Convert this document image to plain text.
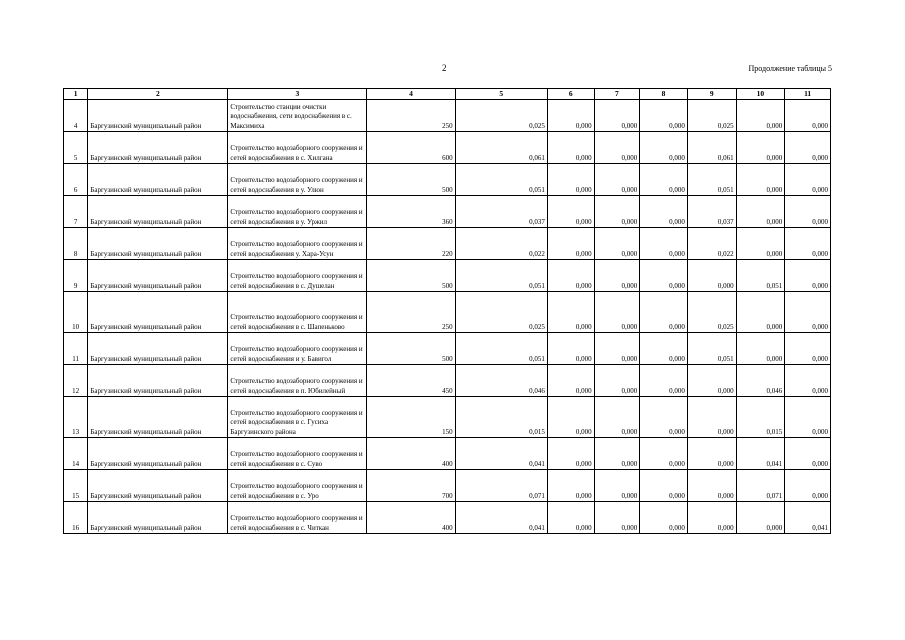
2	Продолжение таблицы 5
1	2	3	4	5	6	7	8	9	10	11
4	Баргузинский муниципальный район	Строительство станции очистки водоснабжения, сети водоснабжения в с. Максимиха	250	0,025	0,000	0,000	0,000	0,025	0,000	0,000
5	Баргузинский муниципальный район	Строительство водозаборного сооружения и сетей водоснабжения в с. Хилгана	600	0,061	0,000	0,000	0,000	0,061	0,000	0,000
6	Баргузинский муниципальный район	Строительство водозаборного сооружения и сетей водоснабжения в у. Улюн	500	0,051	0,000	0,000	0,000	0,051	0,000	0,000
7	Баргузинский муниципальный район	Строительство водозаборного сооружения и сетей водоснабжения в у. Уржил	360	0,037	0,000	0,000	0,000	0,037	0,000	0,000
8	Баргузинский муниципальный район	Строительство водозаборного сооружения и сетей водоснабжения у. Хара-Усун	220	0,022	0,000	0,000	0,000	0,022	0,000	0,000
9	Баргузинский муниципальный район	Строительство водозаборного сооружения и сетей водоснабжения в с. Душелан	500	0,051	0,000	0,000	0,000	0,000	0,051	0,000
10	Баргузинский муниципальный район	Строительство водозаборного сооружения и сетей водоснабжения в с. Шапеньково	250	0,025	0,000	0,000	0,000	0,025	0,000	0,000
11	Баргузинский муниципальный район	Строительство водозаборного сооружения и сетей водоснабжения и у. Бавигол	500	0,051	0,000	0,000	0,000	0,051	0,000	0,000
12	Баргузинский муниципальный район	Строительство водозаборного сооружения и сетей водоснабжения в п. Юбилейный	450	0,046	0,000	0,000	0,000	0,000	0,046	0,000
13	Баргузинский муниципальный район	Строительство водозаборного сооружения и сетей водоснабжения в с. Гусиха Баргузинского района	150	0,015	0,000	0,000	0,000	0,000	0,015	0,000
14	Баргузинский муниципальный район	Строительство водозаборного сооружения и сетей водоснабжения в с. Суво	400	0,041	0,000	0,000	0,000	0,000	0,041	0,000
15	Баргузинский муниципальный район	Строительство водозаборного сооружения и сетей водоснабжения в с. Уро	700	0,071	0,000	0,000	0,000	0,000	0,071	0,000
16	Баргузинский муниципальный район	Строительство водозаборного сооружения и сетей водоснабжения в с. Читкан	400	0,041	0,000	0,000	0,000	0,000	0,000	0,041
